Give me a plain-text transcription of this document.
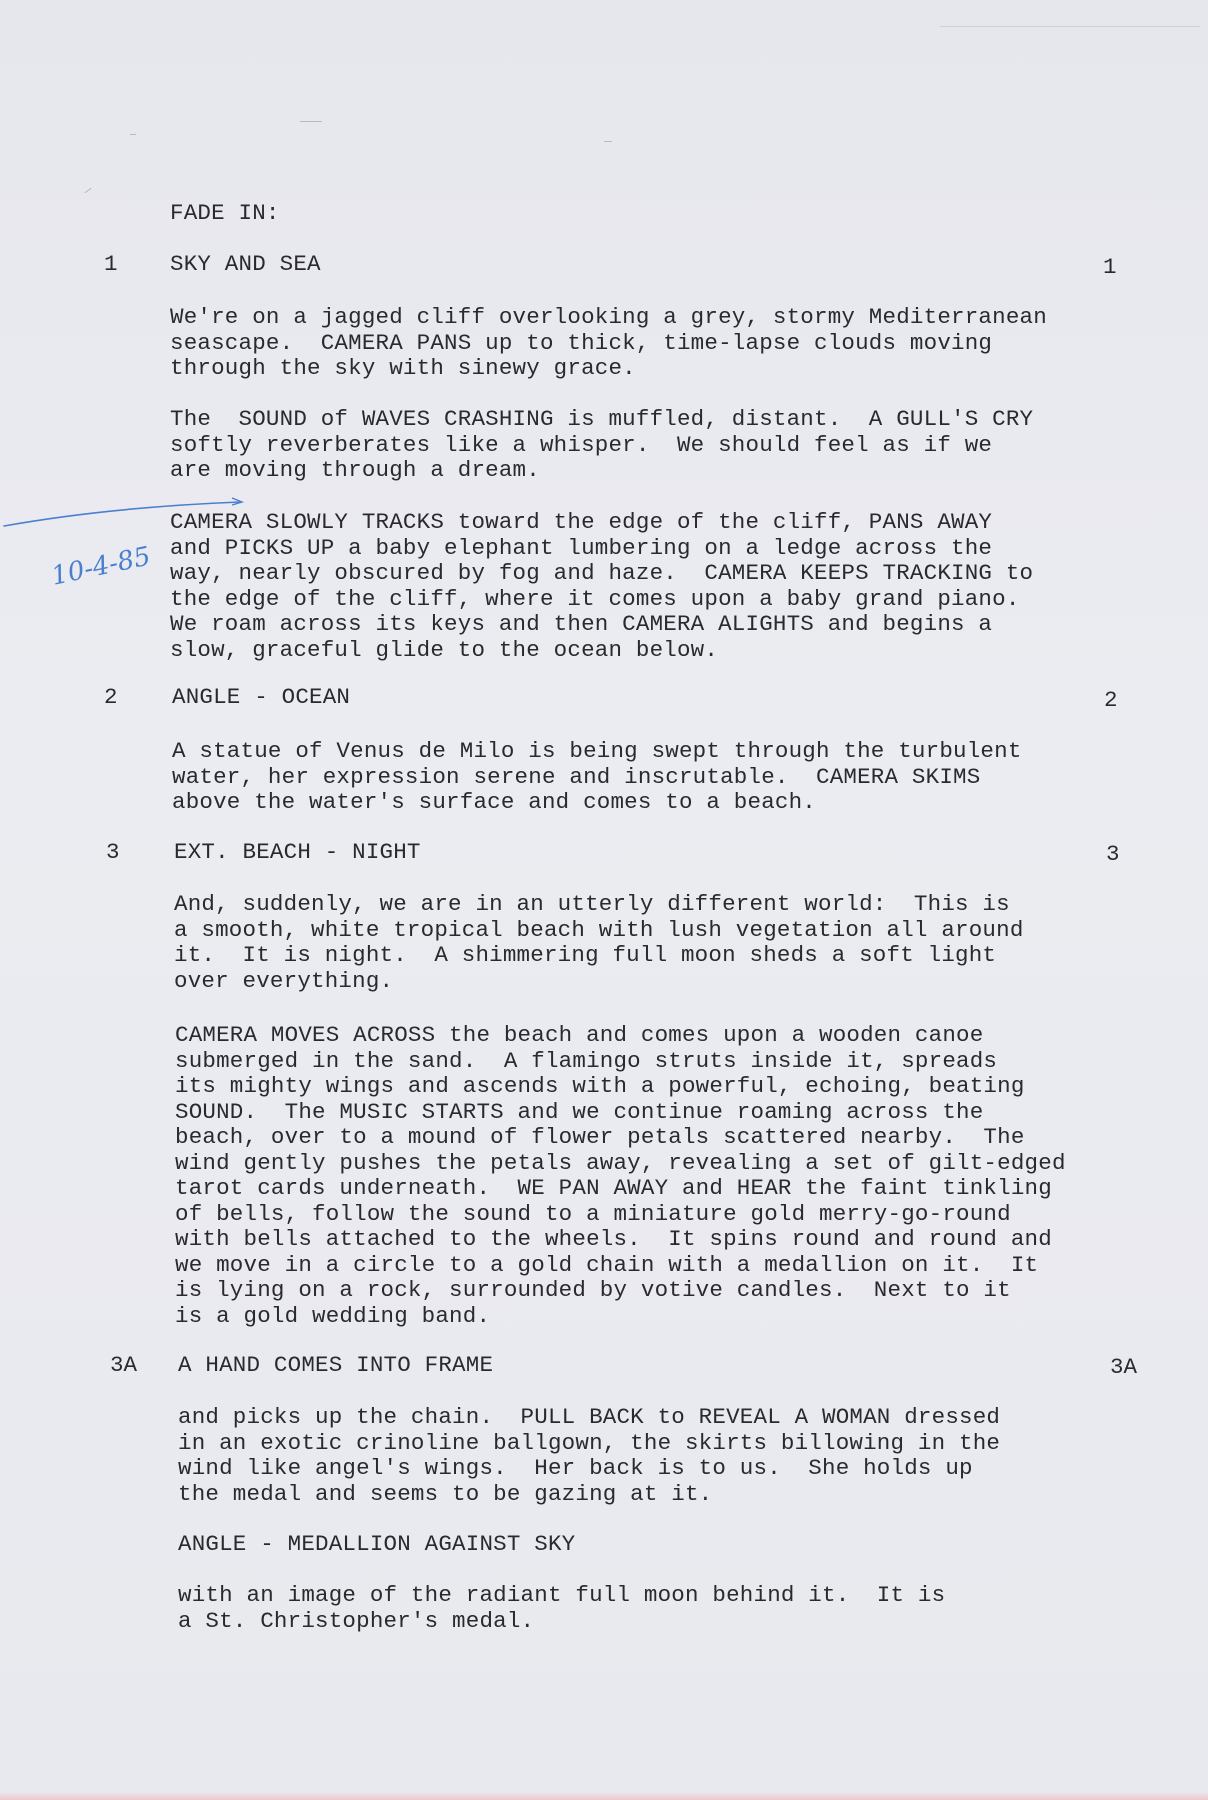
FADE IN:
1 SKY AND SEA	1
We're on a jagged cliff overlooking a grey, stormy Mediterranean
seascape.  CAMERA PANS up to thick, time-lapse clouds moving
through the sky with sinewy grace.
The  SOUND of WAVES CRASHING is muffled, distant.  A GULL'S CRY
softly reverberates like a whisper.  We should feel as if we
are moving through a dream.
CAMERA SLOWLY TRACKS toward the edge of the cliff, PANS AWAY
and PICKS UP a baby elephant lumbering on a ledge across the
way, nearly obscured by fog and haze.  CAMERA KEEPS TRACKING to
the edge of the cliff, where it comes upon a baby grand piano.
We roam across its keys and then CAMERA ALIGHTS and begins a
slow, graceful glide to the ocean below.
10-4-85
2 ANGLE - OCEAN	2
A statue of Venus de Milo is being swept through the turbulent
water, her expression serene and inscrutable.  CAMERA SKIMS
above the water's surface and comes to a beach.
3 EXT. BEACH - NIGHT	3
And, suddenly, we are in an utterly different world:  This is
a smooth, white tropical beach with lush vegetation all around
it.  It is night.  A shimmering full moon sheds a soft light
over everything.
CAMERA MOVES ACROSS the beach and comes upon a wooden canoe
submerged in the sand.  A flamingo struts inside it, spreads
its mighty wings and ascends with a powerful, echoing, beating
SOUND.  The MUSIC STARTS and we continue roaming across the
beach, over to a mound of flower petals scattered nearby.  The
wind gently pushes the petals away, revealing a set of gilt-edged
tarot cards underneath.  WE PAN AWAY and HEAR the faint tinkling
of bells, follow the sound to a miniature gold merry-go-round
with bells attached to the wheels.  It spins round and round and
we move in a circle to a gold chain with a medallion on it.  It
is lying on a rock, surrounded by votive candles.  Next to it
is a gold wedding band.
3A A HAND COMES INTO FRAME	3A
and picks up the chain.  PULL BACK to REVEAL A WOMAN dressed
in an exotic crinoline ballgown, the skirts billowing in the
wind like angel's wings.  Her back is to us.  She holds up
the medal and seems to be gazing at it.
ANGLE - MEDALLION AGAINST SKY
with an image of the radiant full moon behind it.  It is
a St. Christopher's medal.
